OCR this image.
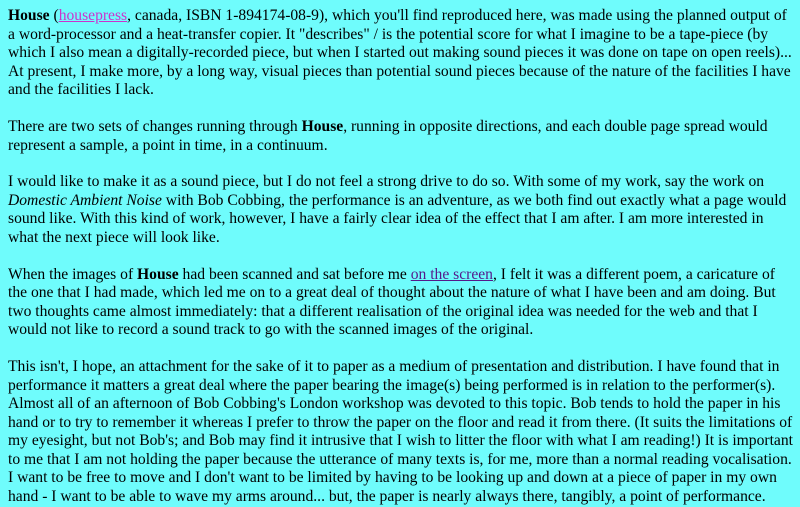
House (housepress, canada, ISBN 1-894174-08-9), which you'll find reproduced here, was made using the planned output of a word-processor and a heat-transfer copier. It "describes" / is the potential score for what I imagine to be a tape-piece (by which I also mean a digitally-recorded piece, but when I started out making sound pieces it was done on tape on open reels)... At present, I make more, by a long way, visual pieces than potential sound pieces because of the nature of the facilities I have and the facilities I lack.

There are two sets of changes running through House, running in opposite directions, and each double page spread would represent a sample, a point in time, in a continuum.

I would like to make it as a sound piece, but I do not feel a strong drive to do so. With some of my work, say the work on Domestic Ambient Noise with Bob Cobbing, the performance is an adventure, as we both find out exactly what a page would sound like. With this kind of work, however, I have a fairly clear idea of the effect that I am after. I am more interested in what the next piece will look like.

When the images of House had been scanned and sat before me on the screen, I felt it was a different poem, a caricature of the one that I had made, which led me on to a great deal of thought about the nature of what I have been and am doing. But two thoughts came almost immediately: that a different realisation of the original idea was needed for the web and that I would not like to record a sound track to go with the scanned images of the original.

This isn't, I hope, an attachment for the sake of it to paper as a medium of presentation and distribution. I have found that in performance it matters a great deal where the paper bearing the image(s) being performed is in relation to the performer(s). Almost all of an afternoon of Bob Cobbing's London workshop was devoted to this topic. Bob tends to hold the paper in his hand or to try to remember it whereas I prefer to throw the paper on the floor and read it from there. (It suits the limitations of my eyesight, but not Bob's; and Bob may find it intrusive that I wish to litter the floor with what I am reading!) It is important to me that I am not holding the paper because the utterance of many texts is, for me, more than a normal reading vocalisation. I want to be free to move and I don't want to be limited by having to be looking up and down at a piece of paper in my own hand - I want to be able to wave my arms around... but, the paper is nearly always there, tangibly, a point of performance.
